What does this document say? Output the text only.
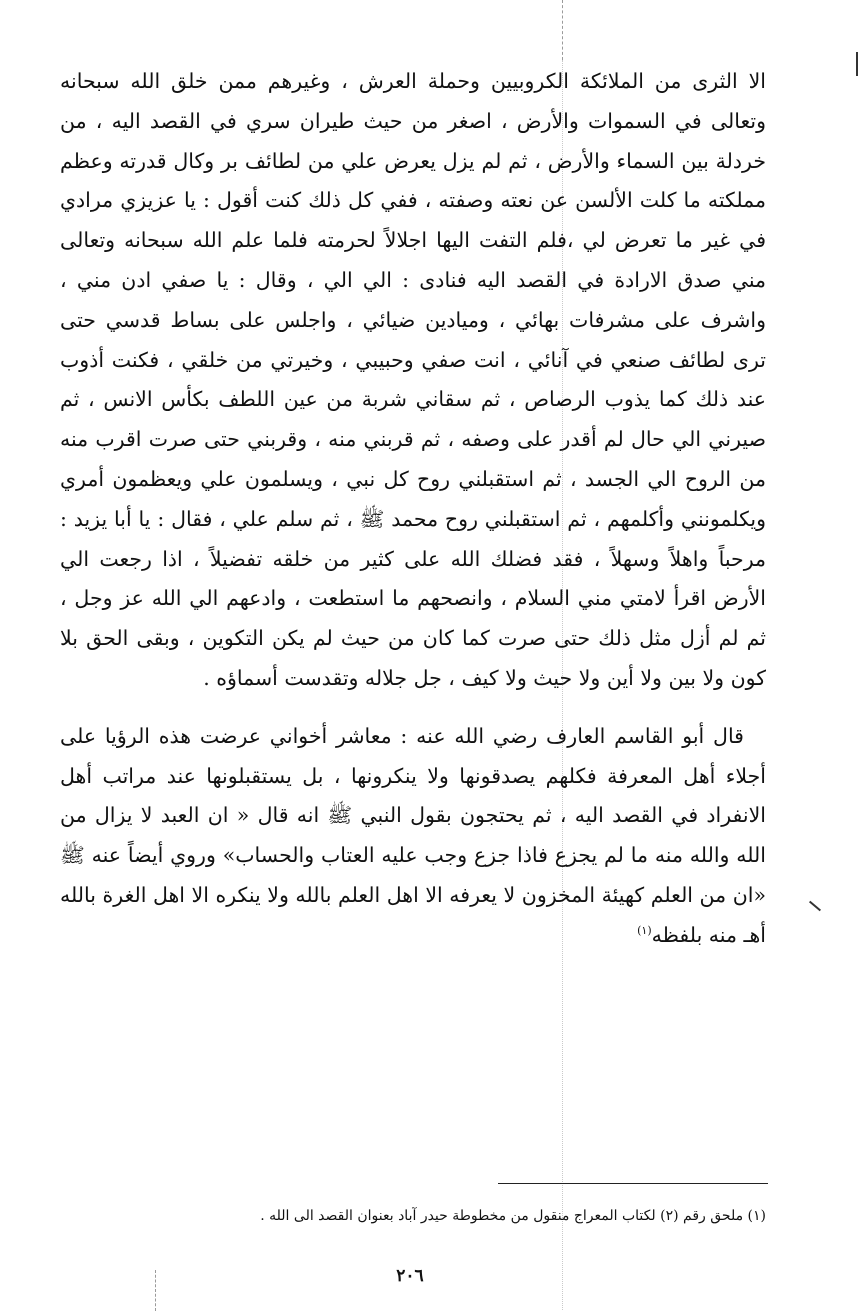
الا الثرى من الملائكة الكروبيين وحملة العرش ، وغيرهم ممن خلق الله سبحانه وتعالى في السموات والأرض ، اصغر من حيث طيران سري في القصد اليه ، من خردلة بين السماء والأرض ، ثم لم يزل يعرض علي من لطائف بر وكال قدرته وعظم مملكته ما كلت الألسن عن نعته وصفته ، ففي كل ذلك كنت أقول : يا عزيزي مرادي في غير ما تعرض لي ،فلم التفت اليها اجلالاً لحرمته فلما علم الله سبحانه وتعالى مني صدق الارادة في القصد اليه فنادى : الي الي ، وقال : يا صفي ادن مني ، واشرف على مشرفات بهائي ، وميادين ضيائي ، واجلس على بساط قدسي حتى ترى لطائف صنعي في آنائي ، انت صفي وحبيبي ، وخيرتي من خلقي ، فكنت أذوب عند ذلك كما يذوب الرصاص ، ثم سقاني شربة من عين اللطف بكأس الانس ، ثم صيرني الي حال لم أقدر على وصفه ، ثم قربني منه ، وقربني حتى صرت اقرب منه من الروح الي الجسد ، ثم استقبلني روح كل نبي ، ويسلمون علي ويعظمون أمري ويكلمونني وأكلمهم ، ثم استقبلني روح محمد ﷺ ، ثم سلم علي ، فقال : يا أبا يزيد : مرحباً واهلاً وسهلاً ، فقد فضلك الله على كثير من خلقه تفضيلاً ، اذا رجعت الي الأرض اقرأ لامتي مني السلام ، وانصحهم ما استطعت ، وادعهم الي الله عز وجل ، ثم لم أزل مثل ذلك حتى صرت كما كان من حيث لم يكن التكوين ، وبقى الحق بلا كون ولا بين ولا أين ولا حيث ولا كيف ، جل جلاله وتقدست أسماؤه .

قال أبو القاسم العارف رضي الله عنه : معاشر أخواني عرضت هذه الرؤيا على أجلاء أهل المعرفة فكلهم يصدقونها ولا ينكرونها ، بل يستقبلونها عند مراتب أهل الانفراد في القصد اليه ، ثم يحتجون بقول النبي ﷺ انه قال « ان العبد لا يزال من الله والله منه ما لم يجزع فاذا جزع وجب عليه العتاب والحساب» وروي أيضاً عنه ﷺ «ان من العلم كهيئة المخزون لا يعرفه الا اهل العلم بالله ولا ينكره الا اهل الغرة بالله أهـ منه بلفظه$^{(١)}$

(١) ملحق رقم (٢) لكتاب المعراج منقول من مخطوطة حيدر آباد بعنوان القصد الى الله .
٢٠٦
